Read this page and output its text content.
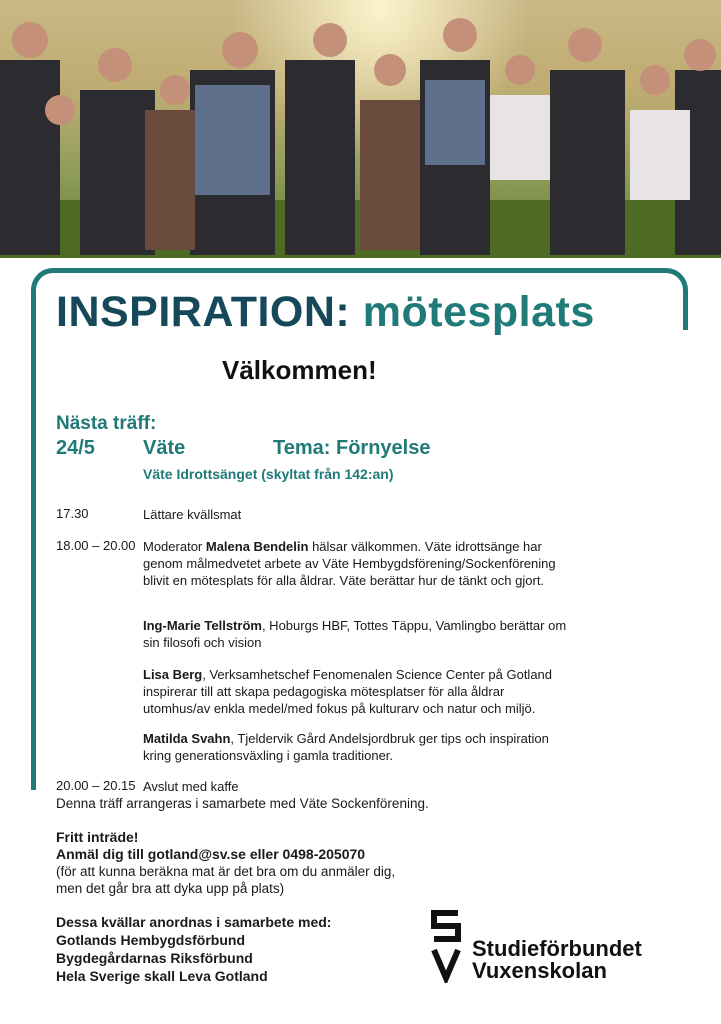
INSPIRATION: mötesplats
Välkommen!
Nästa träff:
24/5 Väte	Tema: Förnyelse
Väte Idrottsänget (skyltat från 142:an)
17.30	Lättare kvällsmat
18.00 – 20.00 Moderator Malena Bendelin hälsar välkommen. Väte idrottsänge har genom målmedvetet arbete av Väte Hembygdsförening/Sockenförening blivit en mötesplats för alla åldrar. Väte berättar hur de tänkt och gjort.
Ing-Marie Tellström, Hoburgs HBF, Tottes Täppu, Vamlingbo berättar om sin filosofi och vision
Lisa Berg, Verksamhetschef Fenomenalen Science Center på Gotland inspirerar till att skapa pedagogiska mötesplatser för alla åldrar utomhus/av enkla medel/med fokus på kulturarv och natur och miljö.
Matilda Svahn, Tjeldervik Gård Andelsjordbruk ger tips och inspiration kring generationsväxling i gamla traditioner.
20.00 – 20.15 Avslut med kaffe
Denna träff arrangeras i samarbete med Väte Sockenförening.
Fritt inträde!
Anmäl dig till gotland@sv.se eller 0498-205070
(för att kunna beräkna mat är det bra om du anmäler dig,
men det går bra att dyka upp på plats)
Dessa kvällar anordnas i samarbete med:
Gotlands Hembygdsförbund
Bygdegårdarnas Riksförbund
Hela Sverige skall Leva Gotland
Studieförbundet
Vuxenskolan
